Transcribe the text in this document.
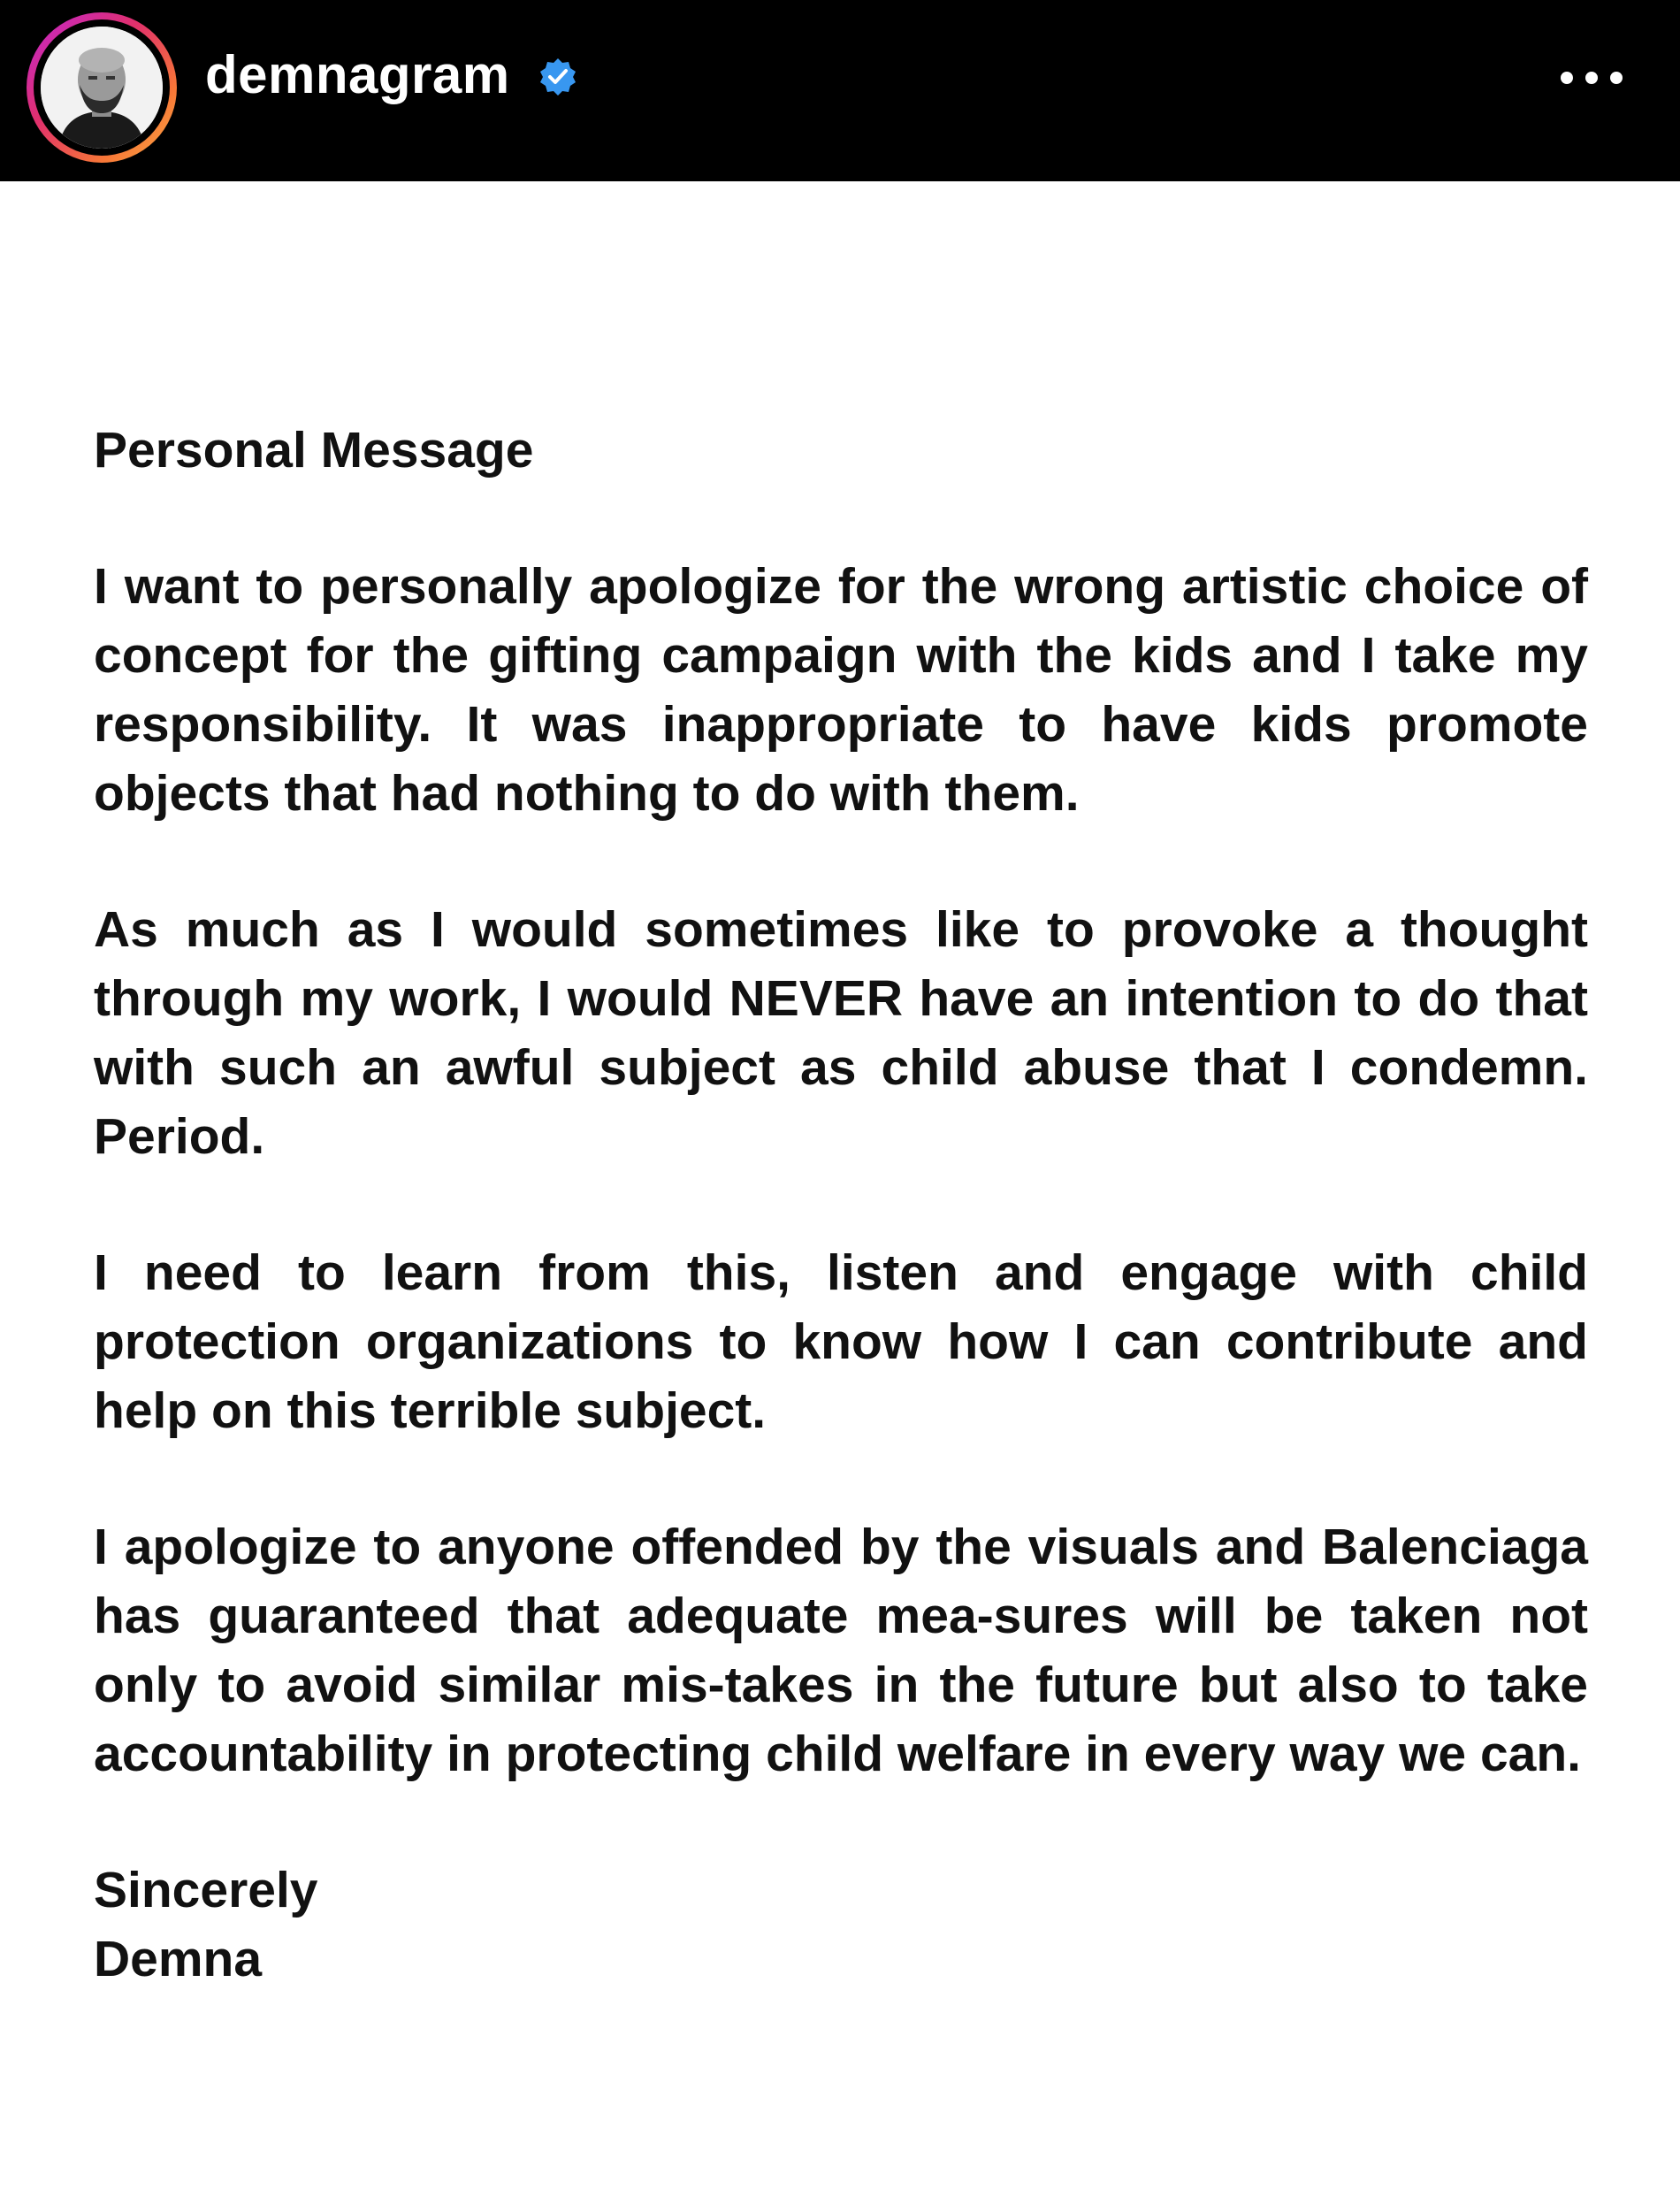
demnagram

Personal Message

I want to personally apologize for the wrong artistic choice of concept for the gifting campaign with the kids and I take my responsibility. It was inappropriate to have kids promote objects that had nothing to do with them.

As much as I would sometimes like to provoke a thought through my work, I would NEVER have an intention to do that with such an awful subject as child abuse that I condemn. Period.

I need to learn from this, listen and engage with child protection organizations to know how I can contribute and help on this terrible subject.

I apologize to anyone offended by the visuals and Balenciaga has guaranteed that adequate mea-sures will be taken not only to avoid similar mis-takes in the future but also to take accountability in protecting child welfare in every way we can.

Sincerely

Demna
